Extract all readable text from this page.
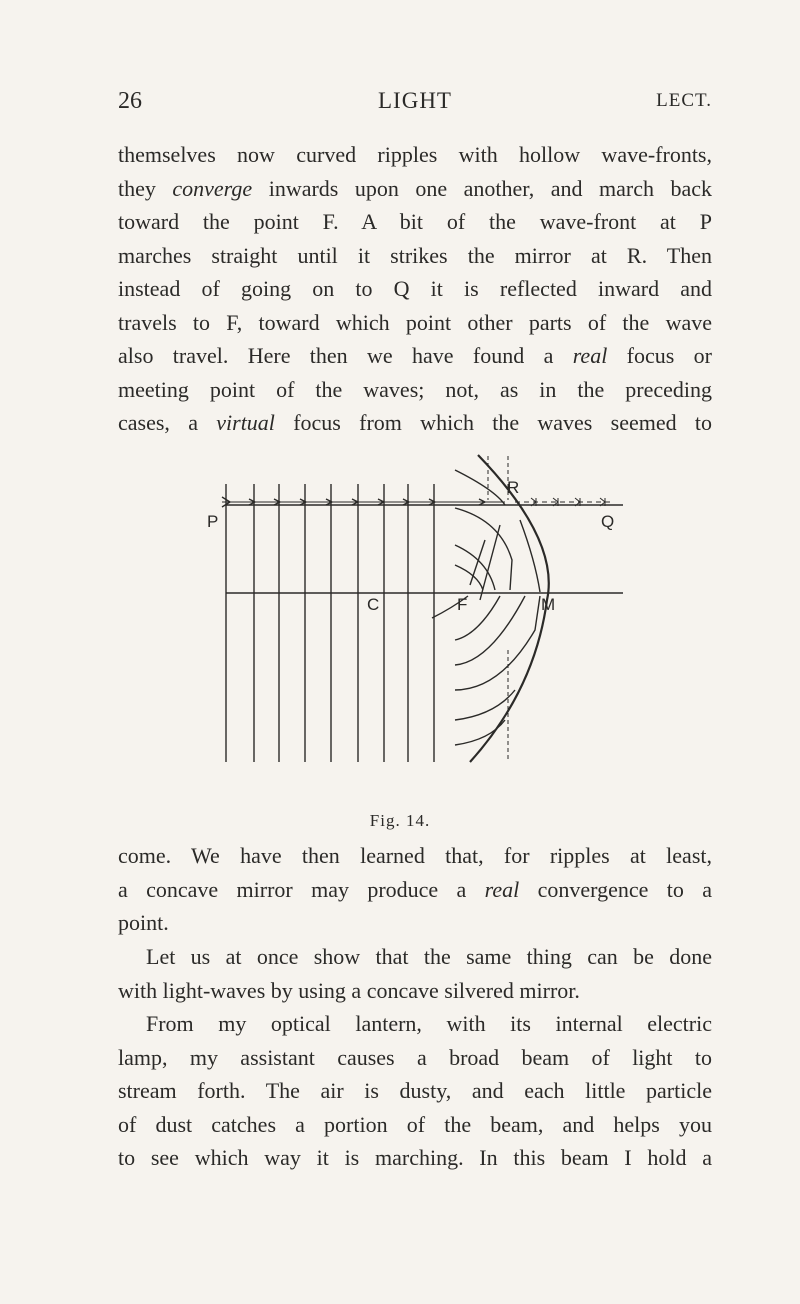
26	LIGHT	LECT.

themselves now curved ripples with hollow wave-fronts,
they converge inwards upon one another, and march back
toward the point F. A bit of the wave-front at P
marches straight until it strikes the mirror at R. Then
instead of going on to Q it is reflected inward and
travels to F, toward which point other parts of the wave
also travel. Here then we have found a real focus or
meeting point of the waves; not, as in the preceding
cases, a virtual focus from which the waves seemed to

P
R
Q
C	F	M
Fig. 14.

come. We have then learned that, for ripples at least,
a concave mirror may produce a real convergence to a
point.

Let us at once show that the same thing can be done
with light-waves by using a concave silvered mirror.

From my optical lantern, with its internal electric
lamp, my assistant causes a broad beam of light to
stream forth. The air is dusty, and each little particle
of dust catches a portion of the beam, and helps you
to see which way it is marching. In this beam I hold a
